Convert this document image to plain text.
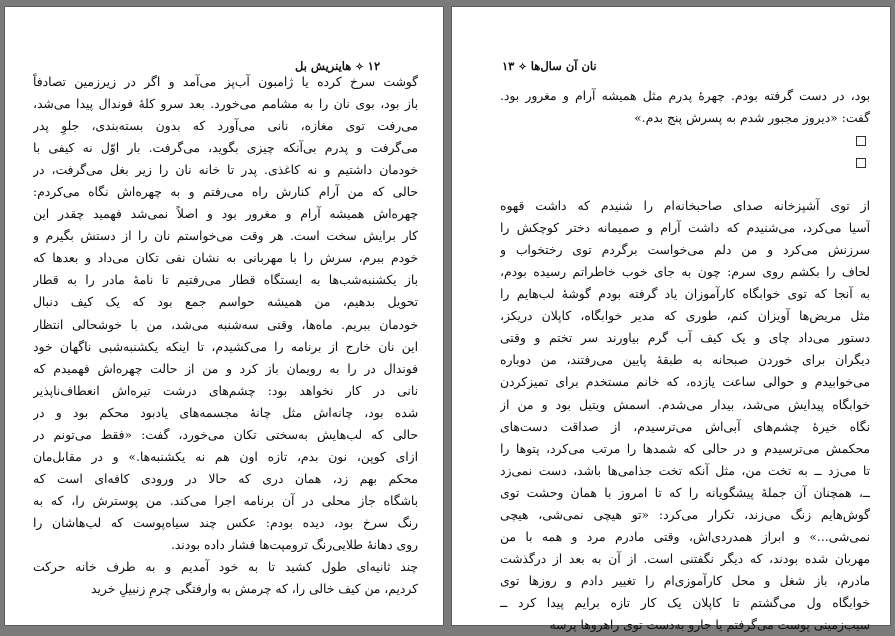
۱۲✧هاینریش بل
گوشت سرخ کرده یا ژامبون آب‌پز می‌آمد و اگر در زیرزمین تصادفاً
باز بود، بوی نان را به مشامم می‌خورد. بعد سرو کلهٔ فوندال پیدا می‌شد،
می‌رفت توی مغازه، نانی می‌آورد که بدون بسته‌بندی، جلوِ پدر
می‌گرفت و پدرم بی‌آنکه چیزی بگوید، می‌گرفت. بار اوّل نه کیفی با
خودمان داشتیم و نه کاغذی. پدر تا خانه نان را زیر بغل می‌گرفت، در
حالی که من آرام کنارش راه می‌رفتم و به چهره‌اش نگاه می‌کردم:
چهره‌اش همیشه آرام و مغرور بود و اصلاً نمی‌شد فهمید چقدر این
کار برایش سخت است. هر وقت می‌خواستم نان را از دستش بگیرم و
خودم ببرم، سرش را با مهربانی به نشان نفی تکان می‌داد و بعدها که
باز یکشنبه‌شب‌ها به ایستگاه قطار می‌رفتیم تا نامهٔ مادر را به قطار
تحویل بدهیم، من همیشه حواسم جمع بود که یک کیف دنبال
خودمان ببریم. ماه‌ها، وقتی سه‌شنبه می‌شد، من با خوشحالی انتظار
این نان خارج از برنامه را می‌کشیدم، تا اینکه یکشنبه‌شبی ناگهان خود
فوندال در را به رویمان باز کرد و من از حالت چهره‌اش فهمیدم که
نانی در کار نخواهد بود: چشم‌های درشت تیره‌اش انعطاف‌ناپذیر
شده بود، چانه‌اش مثل چانهٔ مجسمه‌های یادبود محکم بود و در
حالی که لب‌هایش به‌سختی تکان می‌خورد، گفت: «فقط می‌تونم در
ازای کوپن، نون بدم، تازه اون هم نه یکشنبه‌ها.» و در مقابل‌مان
محکم بهم زد، همان دری که حالا در ورودی کافه‌ای است که
باشگاه جاز محلی در آن برنامه اجرا می‌کند. من پوسترش را، که به
رنگ سرخ بود، دیده بودم: عکس چند سیاه‌پوست که لب‌هاشان را
روی دهانهٔ طلایی‌رنگ ترومپت‌ها فشار داده بودند.
چند ثانیه‌ای طول کشید تا به خود آمدیم و به طرف خانه حرکت
کردیم، من کیف خالی را، که چرمش به وارفتگی چرمِ زنبیلِ خرید
نان آن سال‌ها✧۱۳
بود، در دست گرفته بودم. چهرهٔ پدرم مثل همیشه آرام و مغرور بود.
گفت: «دیروز مجبور شدم به پسرش پنج بدم.»
از توی آشپزخانه صدای صاحبخانه‌ام را شنیدم که داشت قهوه
آسیا می‌کرد، می‌شنیدم که داشت آرام و صمیمانه دختر کوچکش را
سرزنش می‌کرد و من دلم می‌خواست برگردم توی رختخواب و
لحاف را بکشم روی سرم: چون به جای خوب خاطراتم رسیده بودم،
به آنجا که توی خوابگاه کارآموزان یاد گرفته بودم گوشهٔ لب‌هایم را
مثل مریض‌ها آویزان کنم، طوری که مدیر خوابگاه، کاپلان دریکز،
دستور می‌داد چای و یک کیف آب گرم بیاورند سر تختم و وقتی
دیگران برای خوردن صبحانه به طبقهٔ پایین می‌رفتند، من دوباره
می‌خوابیدم و حوالی ساعت یازده، که خانم مستخدم برای تمیزکردن
خوابگاه پیدایش می‌شد، بیدار می‌شدم. اسمش ویتیل بود و من از
نگاه خیرهٔ چشم‌های آبی‌اش می‌ترسیدم، از صداقت دست‌های
محکمش می‌ترسیدم و در حالی که شمدها را مرتب می‌کرد، پتوها را
تا می‌زد ــ به تخت من، مثل آنکه تخت جذامی‌ها باشد، دست نمی‌زد
ــ، همچنان آن جملهٔ پیشگویانه را که تا امروز با همان وحشت توی
گوش‌هایم زنگ می‌زند، تکرار می‌کرد: «تو هیچی نمی‌شی، هیچی
نمی‌شی...» و ابراز همدردی‌اش، وقتی مادرم مرد و همه با من
مهربان شده بودند، که دیگر نگفتنی است. از آن به بعد از درگذشت
مادرم، باز شغل و محل کارآموزی‌ام را تغییر دادم و روزها توی
خوابگاه ول می‌گشتم تا کاپلان یک کار تازه برایم پیدا کرد ــ
سیب‌زمینی پوست می‌گرفتم یا جارو به‌دست توی راهروها پرسه
